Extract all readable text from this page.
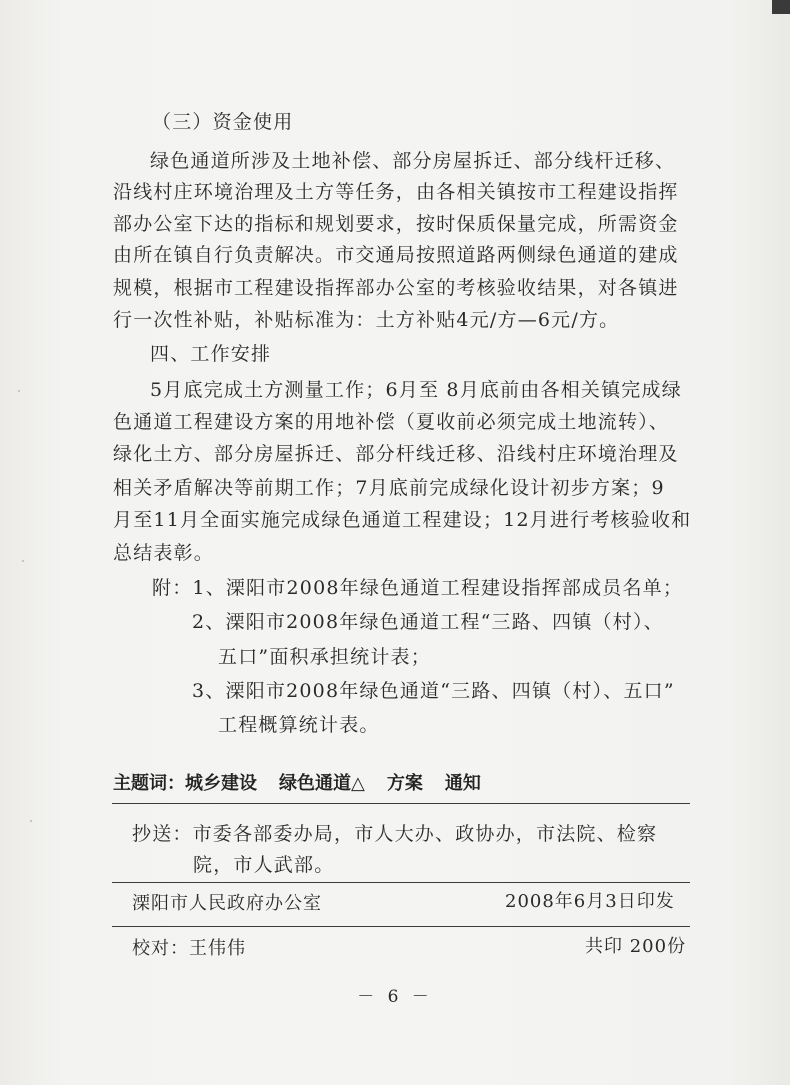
（三）资金使用
绿色通道所涉及土地补偿、部分房屋拆迁、部分线杆迁移、
沿线村庄环境治理及土方等任务，由各相关镇按市工程建设指挥
部办公室下达的指标和规划要求，按时保质保量完成，所需资金
由所在镇自行负责解决。市交通局按照道路两侧绿色通道的建成
规模，根据市工程建设指挥部办公室的考核验收结果，对各镇进
行一次性补贴，补贴标准为：土方补贴4元/方—6元/方。
四、工作安排
5月底完成土方测量工作；6月至 8月底前由各相关镇完成绿
色通道工程建设方案的用地补偿（夏收前必须完成土地流转）、
绿化土方、部分房屋拆迁、部分杆线迁移、沿线村庄环境治理及
相关矛盾解决等前期工作；7月底前完成绿化设计初步方案；9
月至11月全面实施完成绿色通道工程建设；12月进行考核验收和
总结表彰。
附：1、溧阳市2008年绿色通道工程建设指挥部成员名单；
2、溧阳市2008年绿色通道工程“三路、四镇（村）、
五口”面积承担统计表；
3、溧阳市2008年绿色通道“三路、四镇（村）、五口”
工程概算统计表。
主题词：城乡建设 绿色通道△ 方案 通知
抄送：市委各部委办局，市人大办、政协办，市法院、检察
院，市人武部。
溧阳市人民政府办公室	2008年6月3日印发
校对：王伟伟	共印 200份
－ 6 －
